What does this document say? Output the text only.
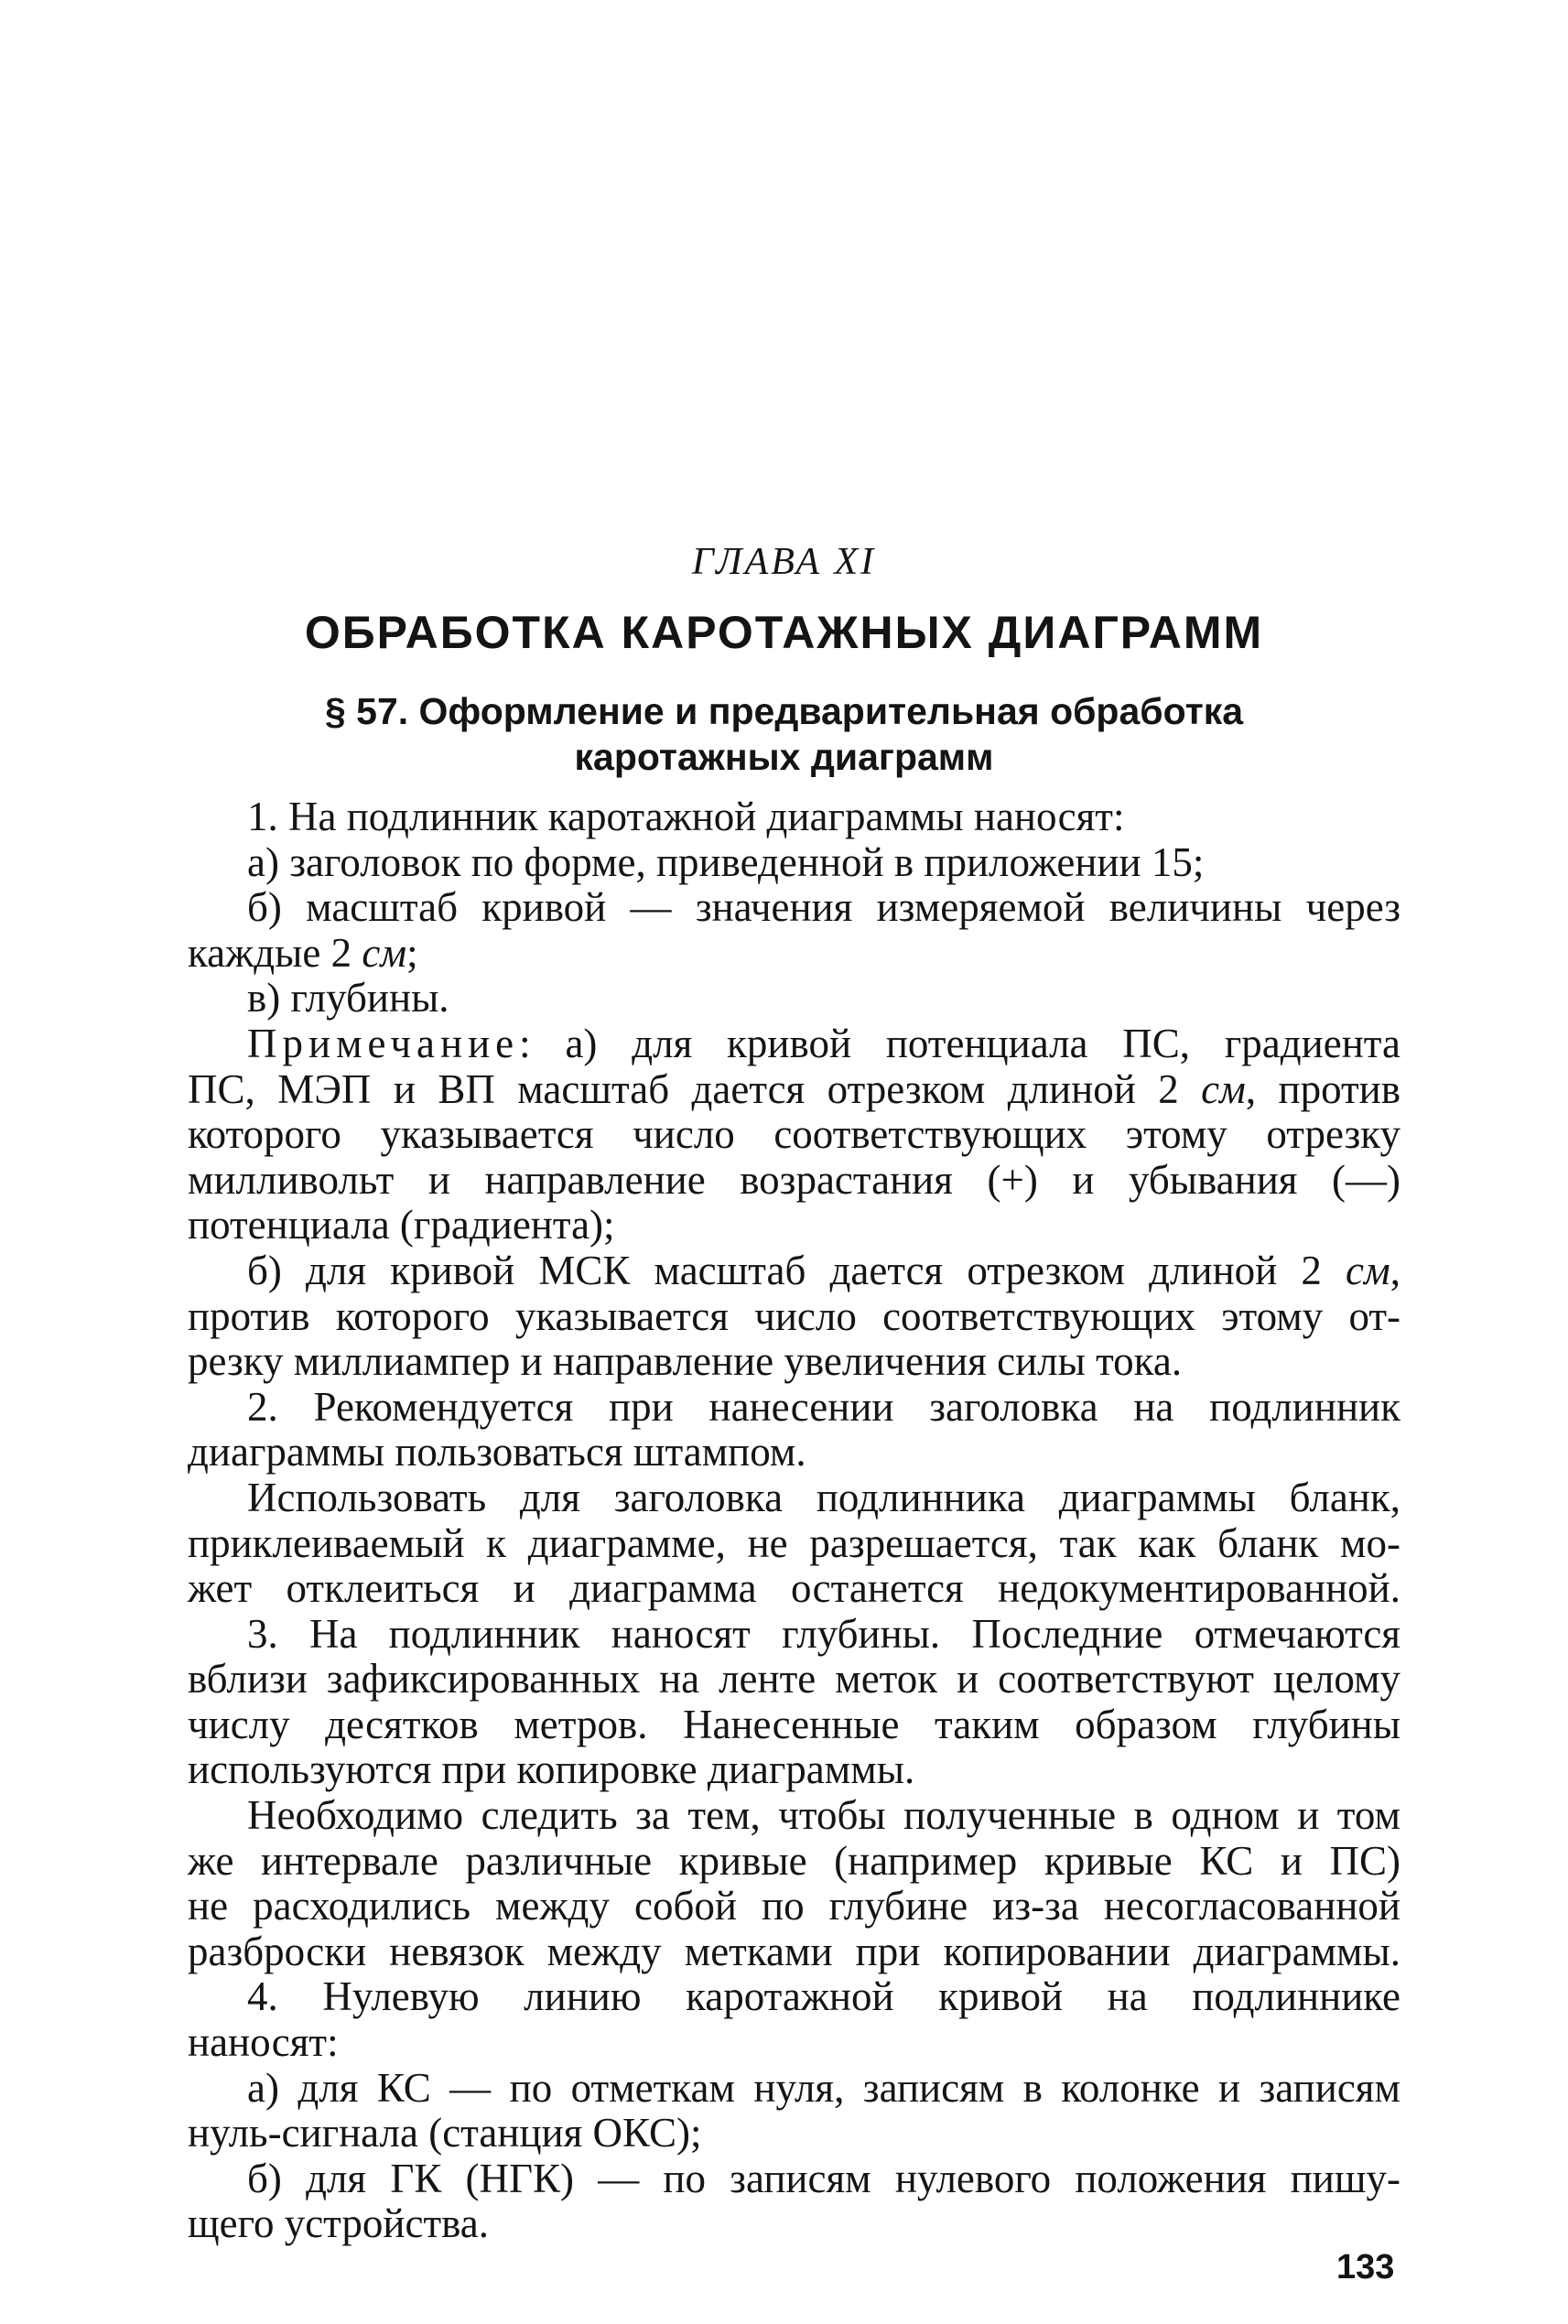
ГЛАВА XI
ОБРАБОТКА КАРОТАЖНЫХ ДИАГРАММ
§ 57. Оформление и предварительная обработка
каротажных диаграмм
1. На подлинник каротажной диаграммы наносят:
а) заголовок по форме, приведенной в приложении 15;
б) масштаб кривой — значения измеряемой величины через
каждые 2 см;
в) глубины.
Примечание: а) для кривой потенциала ПС, градиента
ПС, МЭП и ВП масштаб дается отрезком длиной 2 см, против
которого указывается число соответствующих этому отрезку
милливольт и направление возрастания (+) и убывания (—)
потенциала (градиента);
б) для кривой МСК масштаб дается отрезком длиной 2 см,
против которого указывается число соответствующих этому от-
резку миллиампер и направление увеличения силы тока.
2. Рекомендуется при нанесении заголовка на подлинник
диаграммы пользоваться штампом.
Использовать для заголовка подлинника диаграммы бланк,
приклеиваемый к диаграмме, не разрешается, так как бланк мо-
жет отклеиться и диаграмма останется недокументированной.
3. На подлинник наносят глубины. Последние отмечаются
вблизи зафиксированных на ленте меток и соответствуют целому
числу десятков метров. Нанесенные таким образом глубины
используются при копировке диаграммы.
Необходимо следить за тем, чтобы полученные в одном и том
же интервале различные кривые (например кривые КС и ПС)
не расходились между собой по глубине из-за несогласованной
разброски невязок между метками при копировании диаграммы.
4. Нулевую линию каротажной кривой на подлиннике
наносят:
а) для КС — по отметкам нуля, записям в колонке и записям
нуль-сигнала (станция ОКС);
б) для ГК (НГК) — по записям нулевого положения пишу-
щего устройства.
133
